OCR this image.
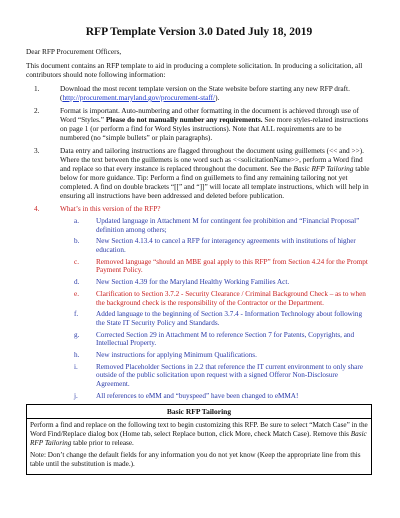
RFP Template Version 3.0 Dated July 18, 2019
Dear RFP Procurement Officers,
This document contains an RFP template to aid in producing a complete solicitation. In producing a solicitation, all contributors should note following information:
1.	Download the most recent template version on the State website before starting any new RFP draft. (http://procurement.maryland.gov/procurement-staff/).
2.	Format is important. Auto-numbering and other formatting in the document is achieved through use of Word “Styles.” Please do not manually number any requirements. See more styles-related instructions on page 1 (or perform a find for Word Styles instructions). Note that ALL requirements are to be numbered (no “simple bullets” or plain paragraphs).
3.	Data entry and tailoring instructions are flagged throughout the document using guillemets (<< and >>). Where the text between the guillemets is one word such as <<solicitationName>>, perform a Word find and replace so that every instance is replaced throughout the document. See the Basic RFP Tailoring table below for more guidance. Tip: Perform a find on guillemets to find any remaining tailoring not yet completed. A find on double brackets “[[” and “]]” will locate all template instructions, which will help in ensuring all instructions have been addressed and deleted before publication.
4.	What’s in this version of the RFP?
a. Updated language in Attachment M for contingent fee prohibition and “Financial Proposal” definition among others;
b. New Section 4.13.4 to cancel a RFP for interagency agreements with institutions of higher education.
c. Removed language “should an MBE goal apply to this RFP” from Section 4.24 for the Prompt Payment Policy.
d. New Section 4.39 for the Maryland Healthy Working Families Act.
e. Clarification to Section 3.7.2 - Security Clearance / Criminal Background Check – as to when the background check is the responsibility of the Contractor or the Department.
f. Added language to the beginning of Section 3.7.4 - Information Technology about following the State IT Security Policy and Standards.
g. Corrected Section 29 in Attachment M to reference Section 7 for Patents, Copyrights, and Intellectual Property.
h. New instructions for applying Minimum Qualifications.
i.	Removed Placeholder Sections in 2.2 that reference the IT current environment to only share outside of the public solicitation upon request with a signed Offeror Non-Disclosure Agreement.
j.	All references to eMM and “buyspeed” have been changed to eMMA!
Basic RFP Tailoring

Perform a find and replace on the following text to begin customizing this RFP. Be sure to select “Match Case” in the Word Find/Replace dialog box (Home tab, select Replace button, click More, check Match Case). Remove this Basic RFP Tailoring table prior to release.

Note: Don’t change the default fields for any information you do not yet know (Keep the appropriate line from this table until the substitution is made.).
